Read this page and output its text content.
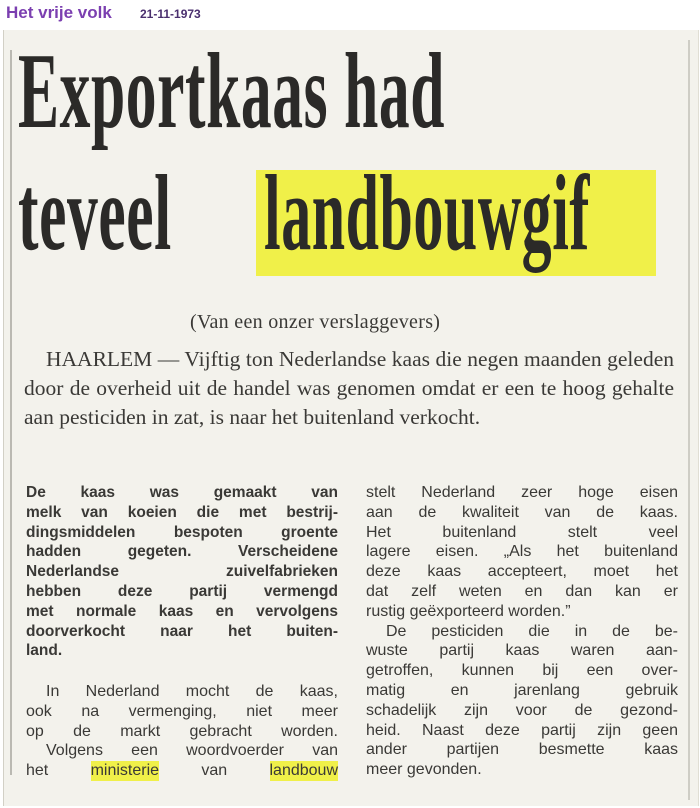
Het vrije volk 21-11-1973
Exportkaas had
teveel landbouwgif
(Van een onzer verslaggevers)

HAARLEM — Vijftig ton Nederlandse kaas die negen maanden geleden door de overheid uit de handel was genomen omdat er een te hoog gehalte aan pesticiden in zat, is naar het buitenland verkocht.

De kaas was gemaakt van
melk van koeien die met bestrij-
dingsmiddelen bespoten groente
hadden gegeten. Verscheidene
Nederlandse zuivelfabrieken
hebben deze partij vermengd
met normale kaas en vervolgens
doorverkocht naar het buiten-
land.
In Nederland mocht de kaas,
ook na vermenging, niet meer
op de markt gebracht worden.
Volgens een woordvoerder van
het	ministerie	van	landbouw
stelt Nederland zeer hoge eisen
aan de kwaliteit van de kaas.
Het buitenland stelt veel
lagere eisen. „Als het buitenland
deze kaas accepteert, moet het
dat zelf weten en dan kan er
rustig geëxporteerd worden.”
De pesticiden die in de be-
wuste partij kaas waren aan-
getroffen, kunnen bij een over-
matig en jarenlang gebruik
schadelijk zijn voor de gezond-
heid. Naast deze partij zijn geen
ander partijen besmette kaas
meer gevonden.
